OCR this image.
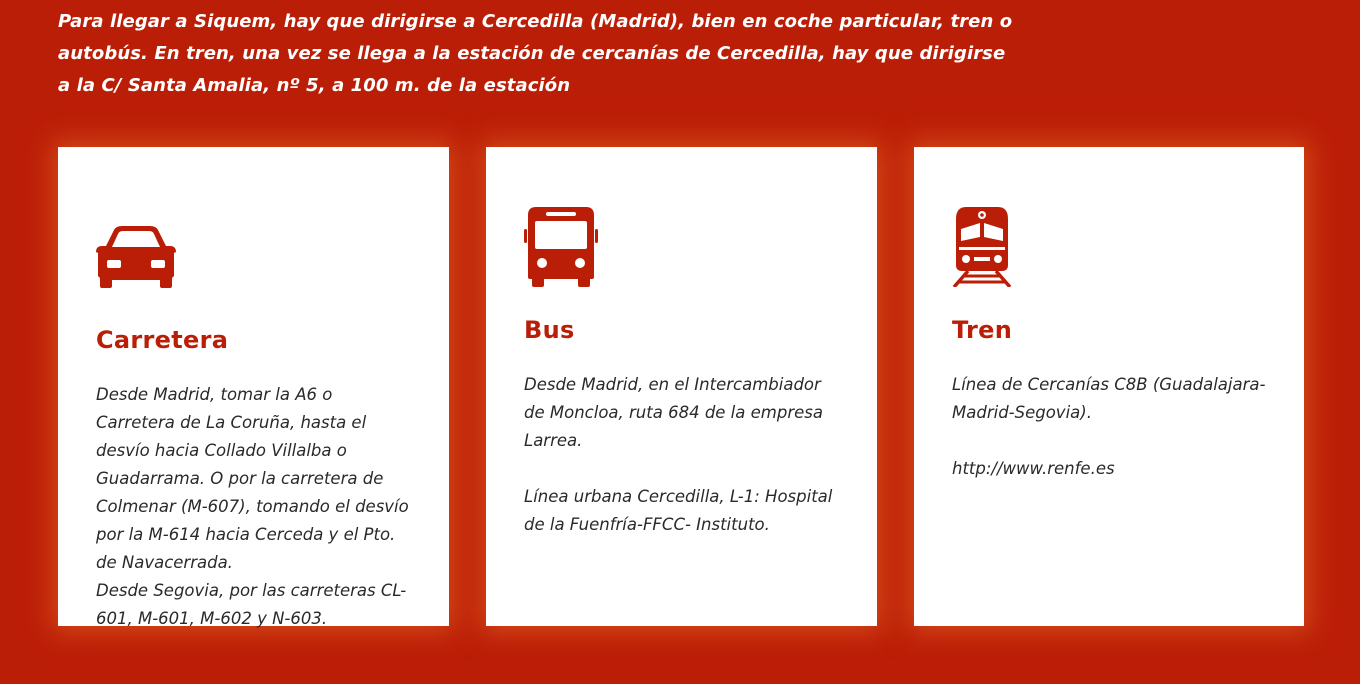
Para llegar a Siquem, hay que dirigirse a Cercedilla (Madrid), bien en coche particular, tren o autobús. En tren, una vez se llega a la estación de cercanías de Cercedilla, hay que dirigirse a la C/ Santa Amalia, nº 5, a 100 m. de la estación

Carretera

Desde Madrid, tomar la A6 o Carretera de La Coruña, hasta el desvío hacia Collado Villalba o Guadarrama. O por la carretera de Colmenar (M-607), tomando el desvío por la M-614 hacia Cerceda y el Pto. de Navacerrada.
Desde Segovia, por las carreteras CL-601, M-601, M-602 y N-603.

Bus

Desde Madrid, en el Intercambiador de Moncloa, ruta 684 de la empresa Larrea.

Línea urbana Cercedilla, L-1: Hospital de la Fuenfría-FFCC- Instituto.

Tren

Línea de Cercanías C8B (Guadalajara-Madrid-Segovia).

http://www.renfe.es
